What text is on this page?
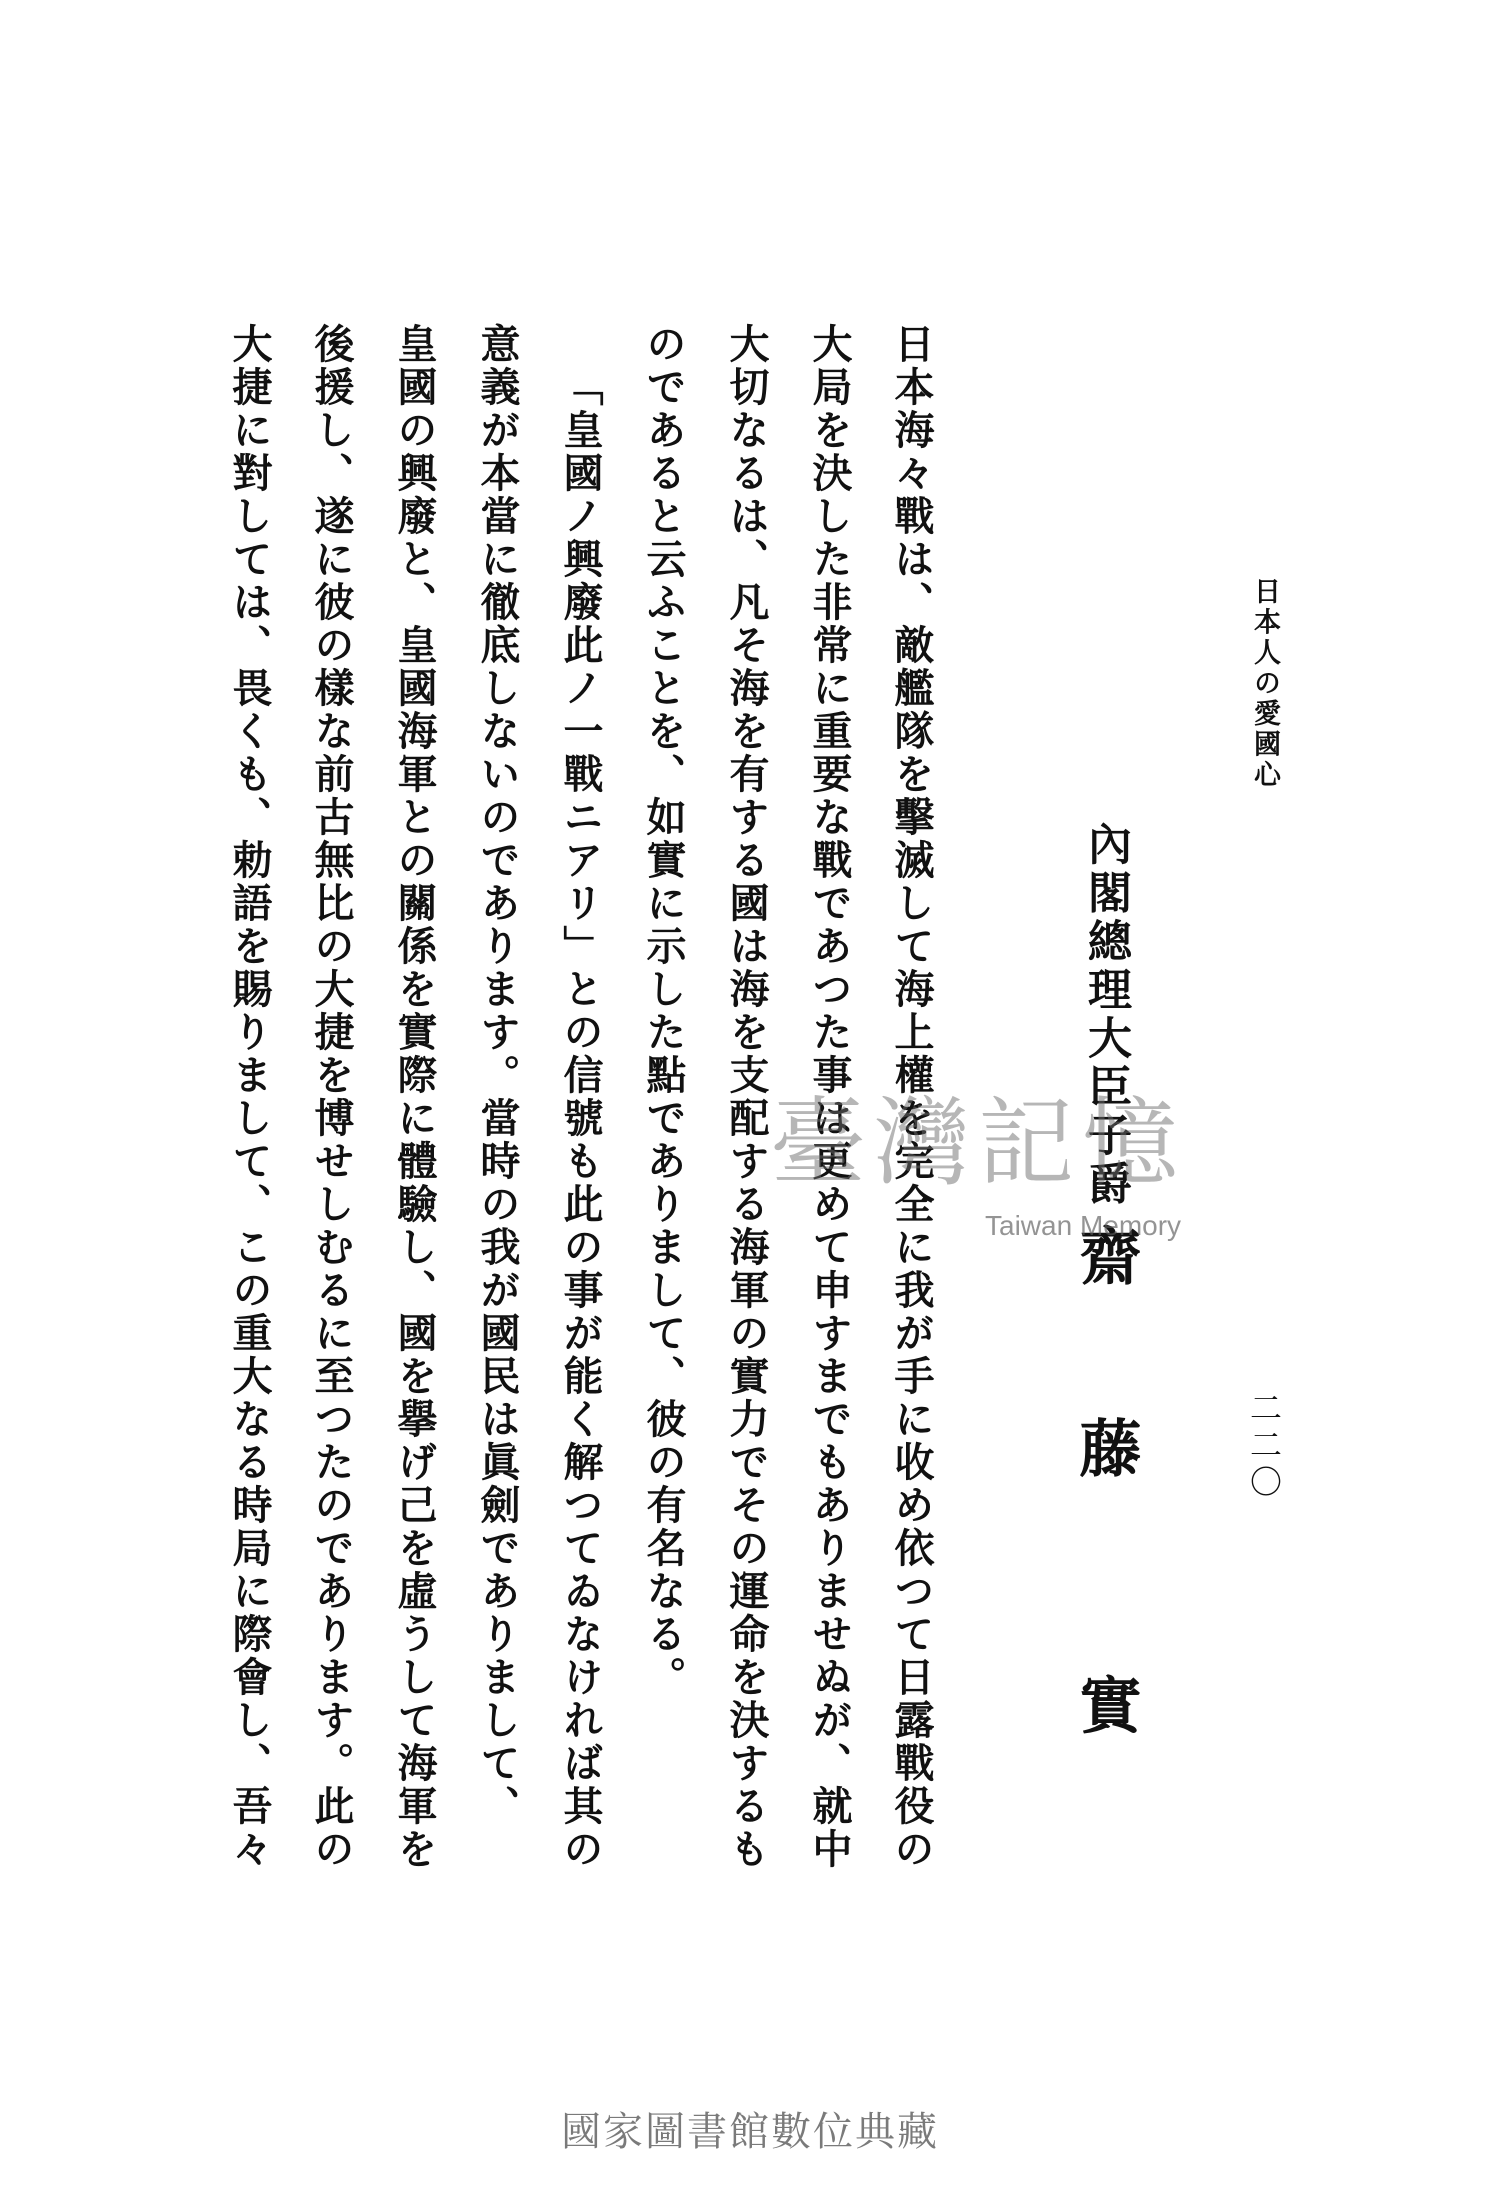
日本人の愛國心
二二〇
內閣總理大臣子爵
齋藤
實
日本海々戰は、敵艦隊を擊滅して海上權を完全に我が手に收め依つて日露戰役の
大局を決した非常に重要な戰であつた事は更めて申すまでもありませぬが、就中
大切なるは、凡そ海を有する國は海を支配する海軍の實力でその運命を決するも
のであると云ふことを、如實に示した點でありまして、彼の有名なる。
「皇國ノ興廢此ノ一戰ニアリ」との信號も此の事が能く解つてゐなければ其の
意義が本當に徹底しないのであります。當時の我が國民は眞劍でありまして、
皇國の興廢と、皇國海軍との關係を實際に體驗し、國を擧げ己を虛うして海軍を
後援し、遂に彼の樣な前古無比の大捷を博せしむるに至つたのであります。此の
大捷に對しては、畏くも、勅語を賜りまして、この重大なる時局に際會し、吾々	臺灣記憶
Taiwan Memory
國家圖書館數位典藏
